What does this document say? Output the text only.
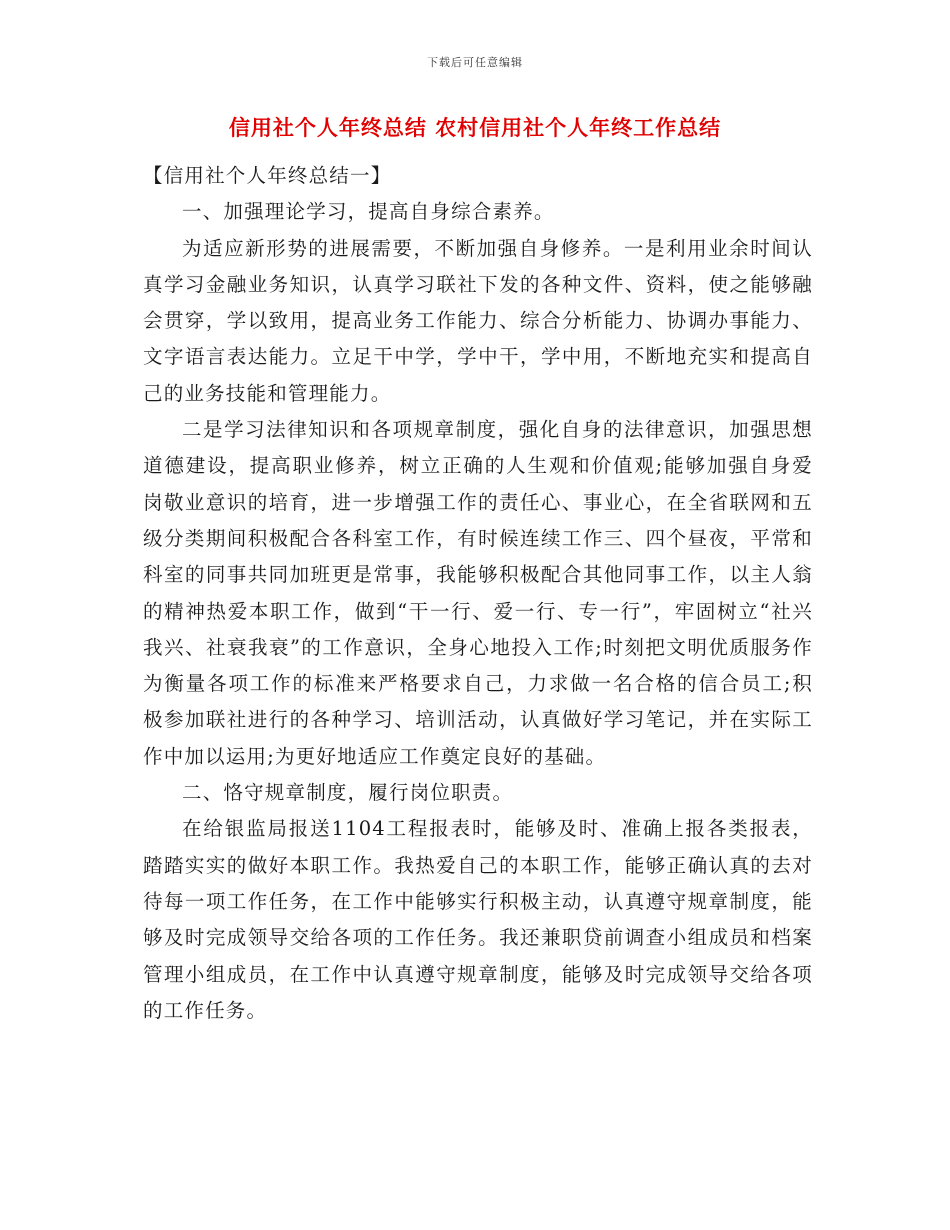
下载后可任意编辑
信用社个人年终总结 农村信用社个人年终工作总结

【信用社个人年终总结一】

一、加强理论学习，提高自身综合素养。

为适应新形势的进展需要，不断加强自身修养。一是利用业余时间认真学习金融业务知识，认真学习联社下发的各种文件、资料，使之能够融会贯穿，学以致用，提高业务工作能力、综合分析能力、协调办事能力、文字语言表达能力。立足干中学，学中干，学中用，不断地充实和提高自己的业务技能和管理能力。

二是学习法律知识和各项规章制度，强化自身的法律意识，加强思想道德建设，提高职业修养，树立正确的人生观和价值观;能够加强自身爱岗敬业意识的培育，进一步增强工作的责任心、事业心，在全省联网和五级分类期间积极配合各科室工作，有时候连续工作三、四个昼夜，平常和科室的同事共同加班更是常事，我能够积极配合其他同事工作，以主人翁的精神热爱本职工作，做到“干一行、爱一行、专一行”，牢固树立“社兴我兴、社衰我衰”的工作意识，全身心地投入工作;时刻把文明优质服务作为衡量各项工作的标准来严格要求自己，力求做一名合格的信合员工;积极参加联社进行的各种学习、培训活动，认真做好学习笔记，并在实际工作中加以运用;为更好地适应工作奠定良好的基础。

二、恪守规章制度，履行岗位职责。

在给银监局报送1104工程报表时，能够及时、准确上报各类报表，踏踏实实的做好本职工作。我热爱自己的本职工作，能够正确认真的去对待每一项工作任务，在工作中能够实行积极主动，认真遵守规章制度，能够及时完成领导交给各项的工作任务。我还兼职贷前调查小组成员和档案管理小组成员，在工作中认真遵守规章制度，能够及时完成领导交给各项的工作任务。
